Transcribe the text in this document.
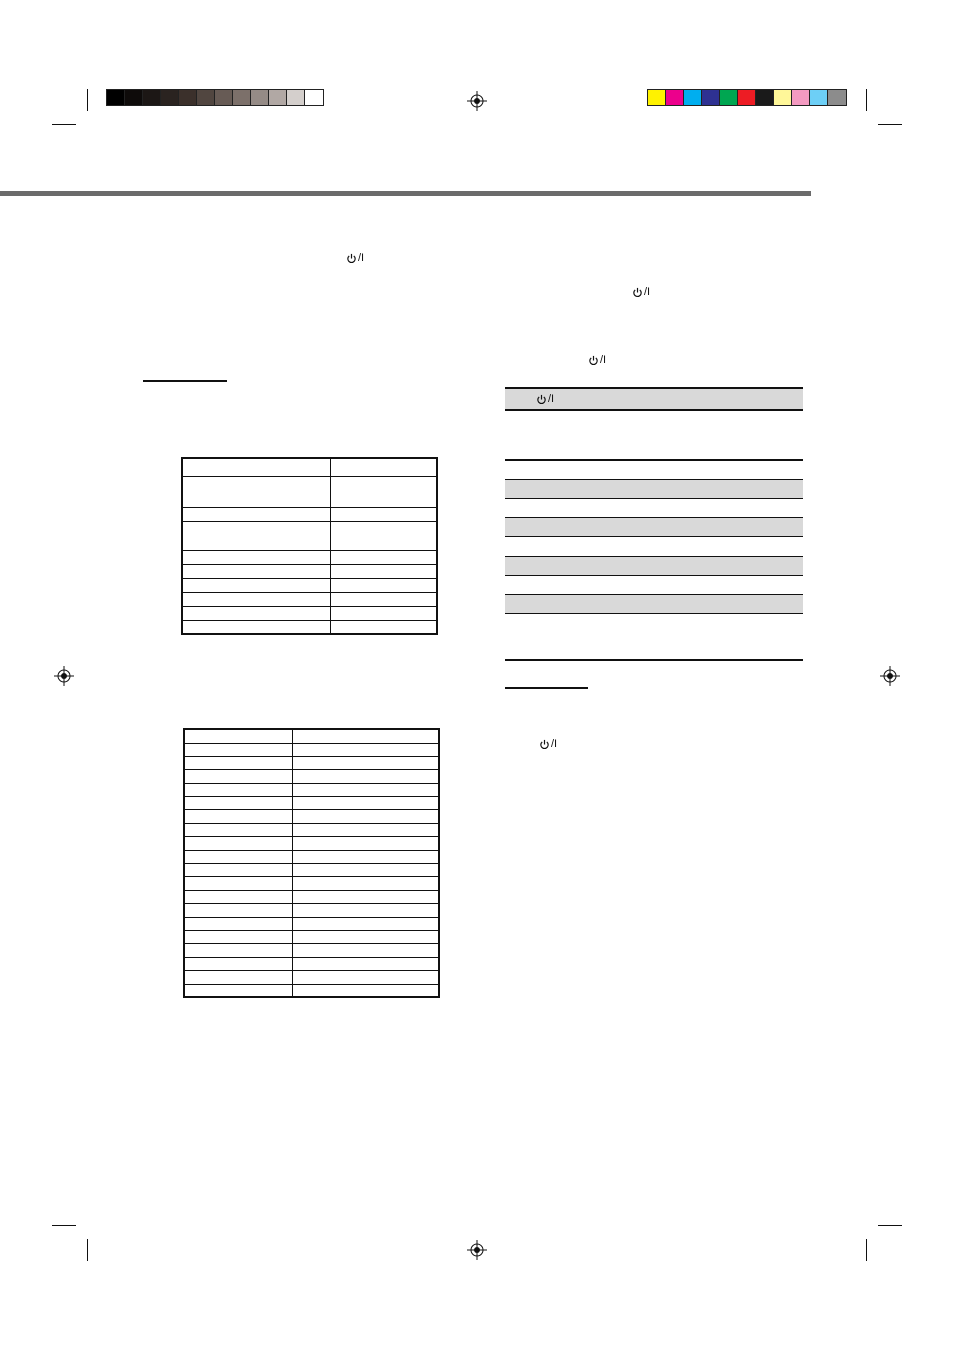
/I
/I
/I
/I

/I
